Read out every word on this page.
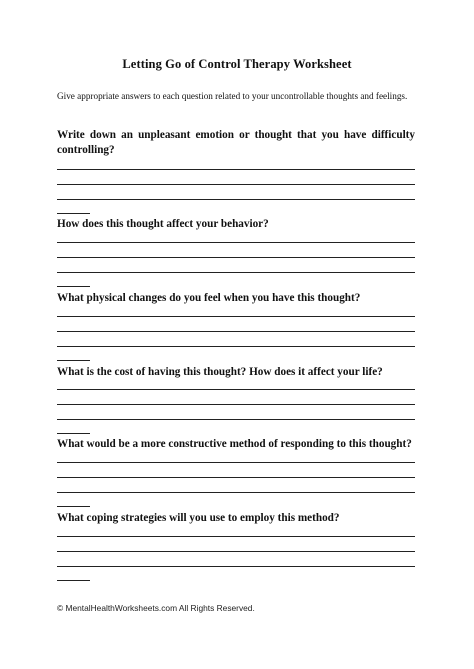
Letting Go of Control Therapy Worksheet
Give appropriate answers to each question related to your uncontrollable thoughts and feelings.

Write down an unpleasant emotion or thought that you have difficulty controlling?

How does this thought affect your behavior?

What physical changes do you feel when you have this thought?

What is the cost of having this thought? How does it affect your life?

What would be a more constructive method of responding to this thought?

What coping strategies will you use to employ this method?

© MentalHealthWorksheets.com All Rights Reserved.
